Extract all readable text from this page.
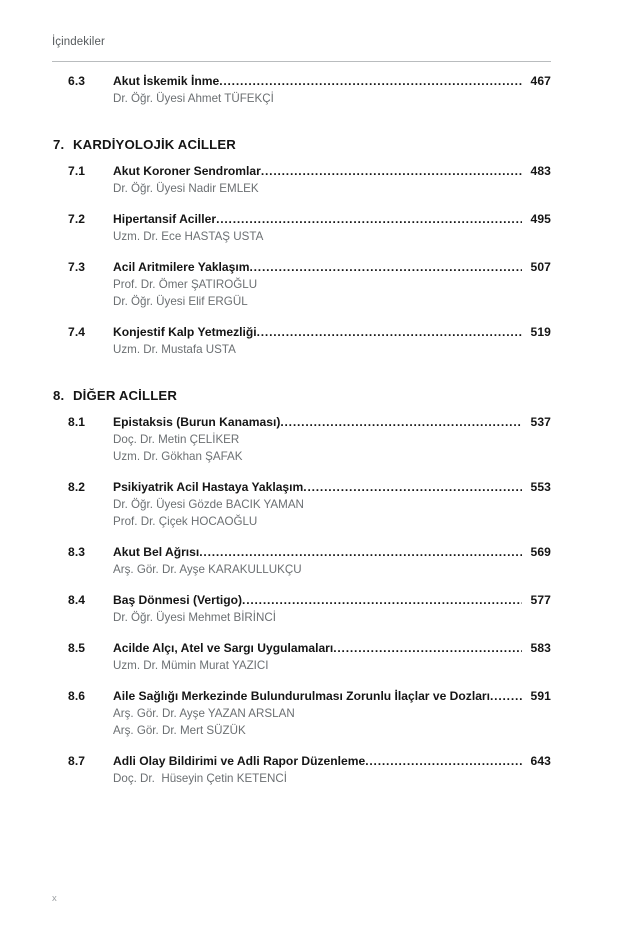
İçindekiler
6.3	Akut İskemik İnme .....	467
Dr. Öğr. Üyesi Ahmet TÜFEKÇİ
7. KARDİYOLOJİK ACİLLER
7.1	Akut Koroner Sendromlar .....	483
Dr. Öğr. Üyesi Nadir EMLEK
7.2	Hipertansif Aciller .....	495
Uzm. Dr. Ece HASTAŞ USTA
7.3	Acil Aritmilere Yaklaşım .....	507
Prof. Dr. Ömer ŞATIROĞLU
Dr. Öğr. Üyesi Elif ERGÜL
7.4	Konjestif Kalp Yetmezliği .....	519
Uzm. Dr. Mustafa USTA
8. DİĞER ACİLLER
8.1	Epistaksis (Burun Kanaması) .....	537
Doç. Dr. Metin ÇELİKER
Uzm. Dr. Gökhan ŞAFAK
8.2	Psikiyatrik Acil Hastaya Yaklaşım .....	553
Dr. Öğr. Üyesi Gözde BACIK YAMAN
Prof. Dr. Çiçek HOCAOĞLU
8.3	Akut Bel Ağrısı .....	569
Arş. Gör. Dr. Ayşe KARAKULLUKÇU
8.4	Baş Dönmesi (Vertigo) .....	577
Dr. Öğr. Üyesi Mehmet BİRİNCİ
8.5	Acilde Alçı, Atel ve Sargı Uygulamaları .....	583
Uzm. Dr. Mümin Murat YAZICI
8.6	Aile Sağlığı Merkezinde Bulundurulması Zorunlu İlaçlar ve Dozları .....	591
Arş. Gör. Dr. Ayşe YAZAN ARSLAN
Arş. Gör. Dr. Mert SÜZÜK
8.7	Adli Olay Bildirimi ve Adli Rapor Düzenleme .....	643
Doç. Dr.  Hüseyin Çetin KETENCİ
x
